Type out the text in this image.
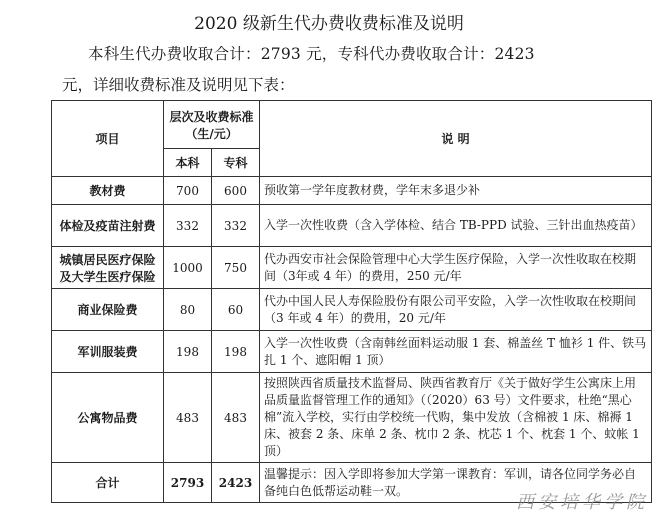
2020 级新生代办费收费标准及说明
本科生代办费收取合计：2793 元，专科代办费收取合计：2423
元，详细收费标准及说明见下表：
项目	层次及收费标准（生/元）		说 明
	本科	专科	
教材费	700	600	预收第一学年度教材费，学年末多退少补
体检及疫苗注射费	332	332	入学一次性收费（含入学体检、结合 TB-PPD 试验、三针出血热疫苗）
城镇居民医疗保险及大学生医疗保险	1000	750	代办西安市社会保险管理中心大学生医疗保险，入学一次性收取在校期间（3年或 4 年）的费用，250 元/年
商业保险费	80	60	代办中国人民人寿保险股份有限公司平安险，入学一次性收取在校期间（3 年或 4 年）的费用，20 元/年
军训服装费	198	198	入学一次性收费（含南韩丝面料运动服 1 套、棉盖丝 T 恤衫 1 件、铁马扎 1 个、遮阳帽 1 顶）
公寓物品费	483	483	按照陕西省质量技术监督局、陕西省教育厅《关于做好学生公寓床上用品质量监督管理工作的通知》（（2020）63 号）文件要求，杜绝“黑心棉”流入学校，实行由学校统一代购，集中发放（含棉被 1 床、棉褥 1 床、被套 2 条、床单 2 条、枕巾 2 条、枕芯 1 个、枕套 1 个、蚊帐 1 顶）
合计	2793	2423	温馨提示：因入学即将参加大学第一课教育：军训，请各位同学务必自备纯白色低帮运动鞋一双。
西安培华学院
